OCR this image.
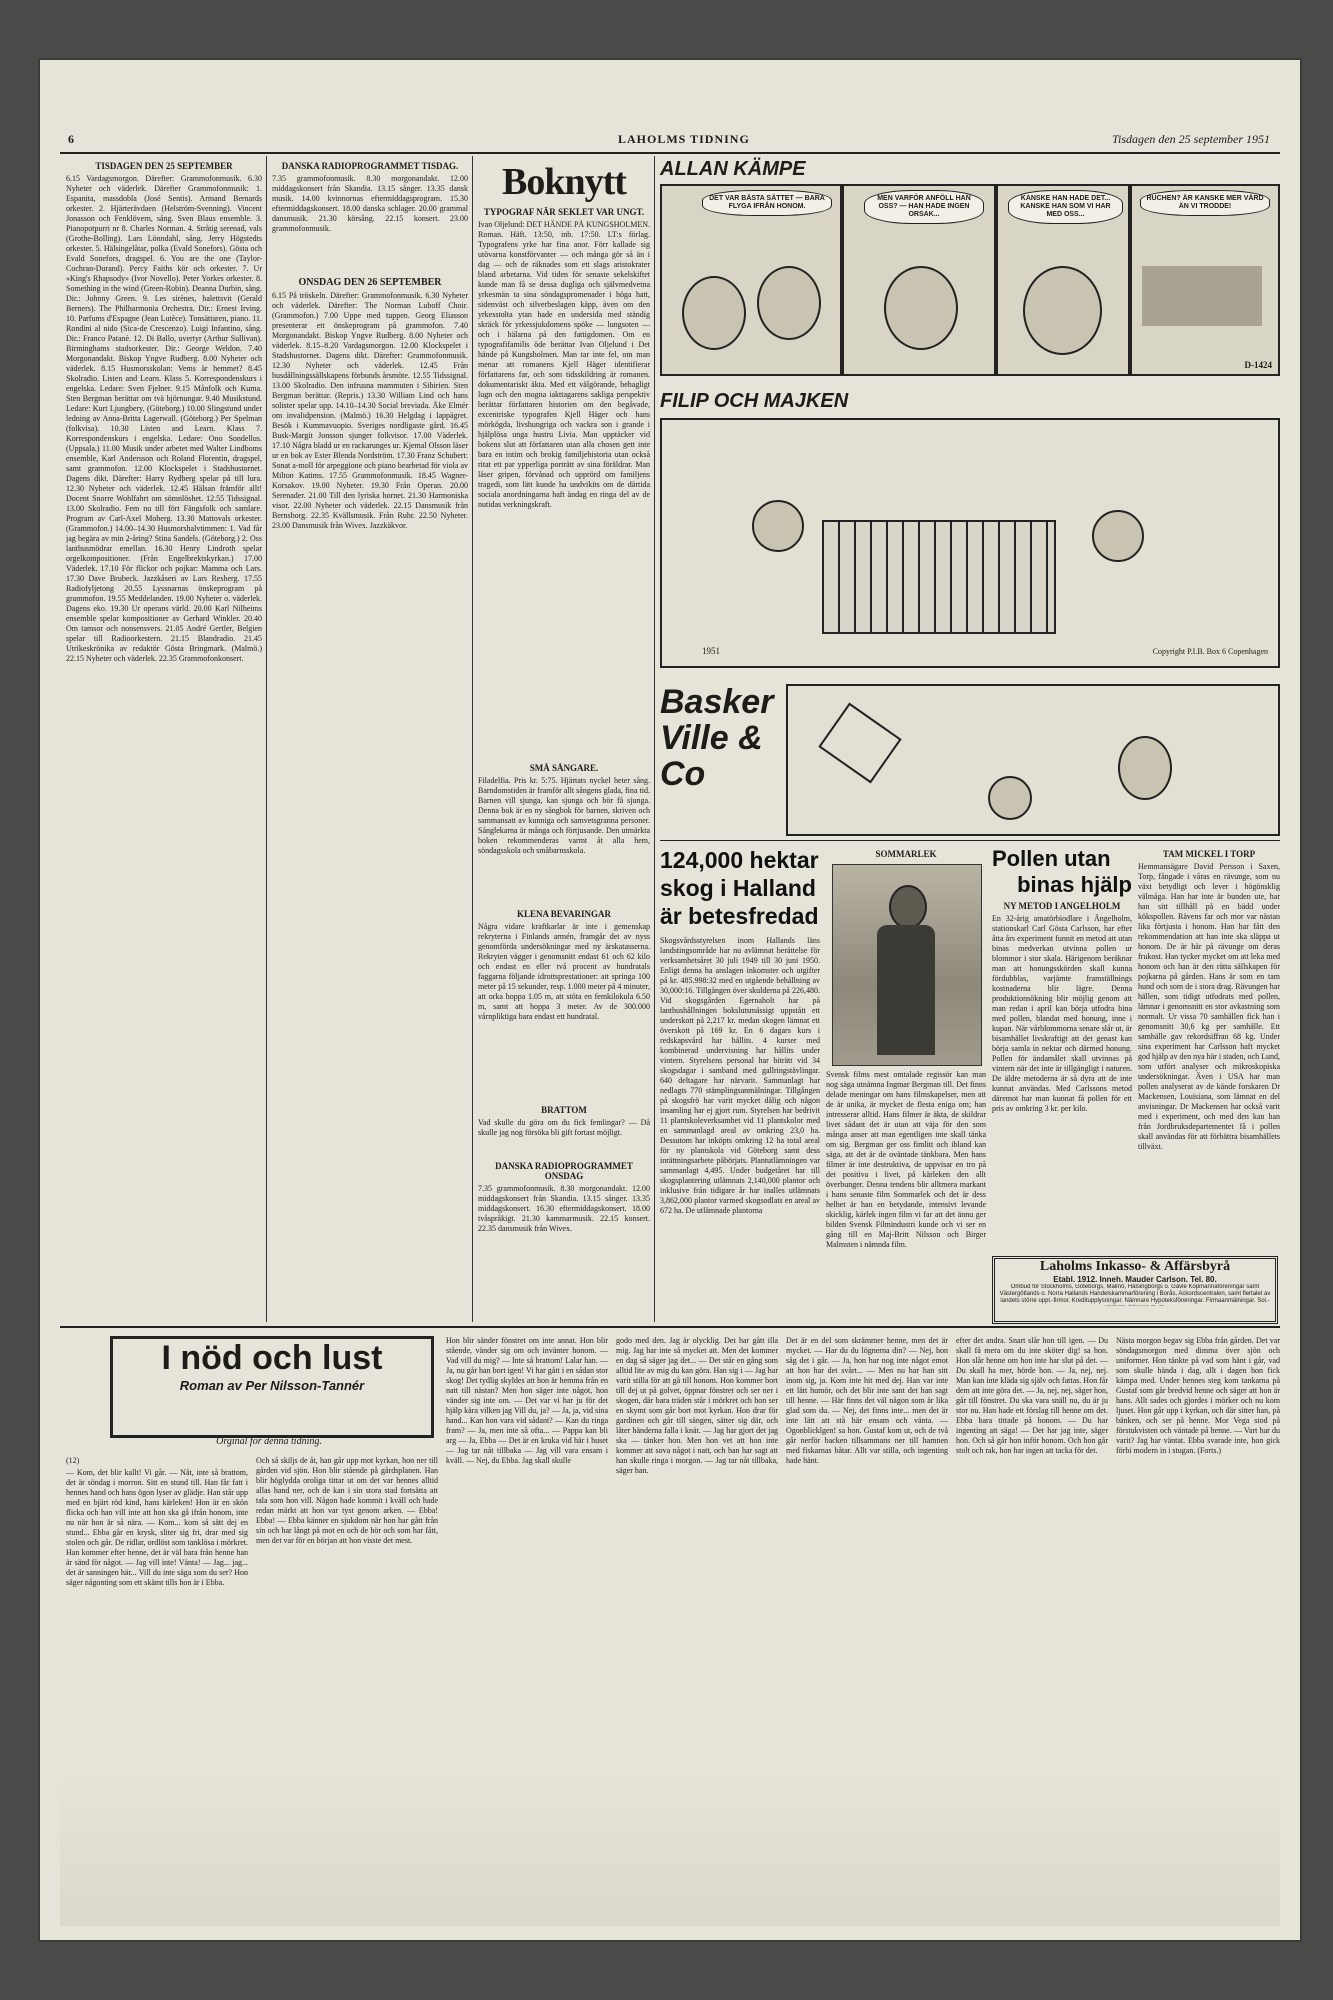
6	LAHOLMS TIDNING	Tisdagen den 25 september 1951
TISDAGEN DEN 25 SEPTEMBER
6.15 Vardagsmorgon. Därefter: Grammofonmusik. 6.30 Nyheter och väderlek. Därefter Grammofonmusik: 1. Espanita, massdobla (José Sentis). Armand Bernards orkester. 2. Hjärterävdaen (Helström-Svenning). Vincent Jonasson och Fenklövern, sång. Sven Blaus ensemble. 3. Pianopotpurri nr 8. Charles Norman. 4. Stråtig serenad, vals (Grothe-Bolling). Lars Lönndahl, sång. Jerry Högstedts orkester. 5. Hälsingelåtar, polka (Evald Sonefors). Gösta och Evald Sonefors, dragspel. 6. You are the one (Taylor-Cochran-Durand). Percy Faiths kör och orkester. 7. Ur »King's Rhapsody» (Ivor Novello). Peter Yorkes orkester. 8. Something in the wind (Green-Robin). Deanna Durbin, sång. Dir.: Johnny Green. 9. Les sirènes, balettsvit (Gerald Berners). The Philharmonia Orchestra. Dir.: Ernest Irving. 10. Parfums d'Espagne (Jean Lutèce). Tonsättaren, piano. 11. Rondini al nido (Sica-de Crescenzo). Luigi Infantino, sång. Dir.: Franco Patanè. 12. Di Ballo, uvertyr (Arthur Sullivan). Birminghams stadsorkester. Dir.: George Weldon. 7.40 Morgonandakt. Biskop Yngve Rudberg. 8.00 Nyheter och väderlek. 8.15 Husmorsskolan: Vems är hemmet? 8.45 Skolradio. Listen and Learn. Klass 5. Korrespondenskurs i engelska. Ledare: Sven Fjelner. 9.15 Månfolk och Kuma. Sten Bergman berättar om tvä björnungar. 9.40 Musikstund. Ledare: Kurt Ljungbery. (Göteborg.) 10.00 Slingstund under ledning av Anna-Britta Lagerwall. (Göteborg.) Per Spelman (folkvisa). 10.30 Listen and Learn. Klass 7. Korrespondenskurs i engelska. Ledare: Ono Sondellus. (Uppsala.) 11.00 Musik under arbetet med Walter Lindboms ensemble, Karl Andersson och Roland Florentin, dragspel, samt grammofon. 12.00 Klockspelet i Stadshustornet. Dagens dikt. Därefter: Harry Rydberg spelar på till lura. 12.30 Nyheter och väderlek. 12.45 Hälsan främför allt! Docent Snorre Wohlfahrt om sömnlöshet. 12.55 Tidssignal. 13.00 Skolradio. Fem nu till fört Fängsfolk och samlare. Program av Carl-Axel Moberg. 13.30 Mattovals orkester. (Grammofon.) 14.00–14.30 Husmorshalvtimmen: 1. Vad får jag begära av min 2-åring? Stina Sandels. (Göteborg.) 2. Oss lanthusmödrar emellan. 16.30 Henry Lindroth spelar orgelkompositioner. (Från Engelbrektskyrkan.) 17.00 Väderlek. 17.10 För flickor och pojkar: Mamma och Lars. 17.30 Dave Brubeck. Jazzkåseri av Lars Resberg. 17.55 Radiofyljetong 20.55 Lyssnarnas önskeprogram på grammofon. 19.55 Meddelanden. 19.00 Nyheter o. väderlek. Dagens eko. 19.30 Ur operans värld. 20.00 Karl Nilheims ensemble spelar kompositioner av Gerhard Winkler. 20.40 Om tamsor och nonsensvers. 21.05 André Gertler, Belgien spelar till Radioorkestern. 21.15 Blandradio. 21.45 Utrikeskrönika av redaktör Gösta Bringmark. (Malmö.) 22.15 Nyheter och väderlek. 22.35 Grammofonkonsert.
DANSKA RADIOPROGRAMMET TISDAG.
7.35 grammofonmusik. 8.30 morgonandakt. 12.00 middagskonsert från Skandia. 13.15 sånger. 13.35 dansk musik. 14.00 kvinnornas eftermiddagsprogram. 15.30 eftermiddagskonsert. 18.00 danska schlager. 20.00 grammal dansmusik. 21.30 körsång. 22.15 konsert. 23.00 grammofonmusik.
ONSDAG DEN 26 SEPTEMBER
6.15 På tröskeln. Därefter: Grammofonmusik. 6.30 Nyheter och väderlek. Därefter: The Norman Luboff Choir. (Grammofon.) 7.00 Uppe med tuppen. Georg Eliasson presenterar ett önskeprogram på grammofon. 7.40 Morgonandakt. Biskop Yngve Rudberg. 8.00 Nyheter och väderlek. 8.15–8.20 Vardagsmorgon. 12.00 Klockspelet i Stadshustornet. Dagens dikt. Därefter: Grammofonmusik. 12.30 Nyheter och väderlek. 12.45 Från husdållningssällskapens förbunds årsmöte. 12.55 Tidssignal. 13.00 Skolradio. Den infrusna mammuten i Sibirien. Sten Bergman berättar. (Repris.) 13.30 William Lind och hans solister spelar upp. 14.10–14.30 Social breviada. Åke Elmér om invalidpension. (Malmö.) 16.30 Helgdag i lappägret. Besök i Kummavuopio. Sveriges nordligaste gård. 16.45 Busk-Margit Jonsson sjunger folkvisor. 17.00 Väderlek. 17.10 Några bladd ur en rackarunges ur. Kjemal Olsson läser ur en bok av Ester Blenda Nordström. 17.30 Franz Schubert: Sonat a-moll för arpeggione och piano bearbetad för viola av Milton Katims. 17.55 Grammofonmusik. 18.45 Wagner-Korsakov. 19.00 Nyheter. 19.30 Från Operan. 20.00 Serenader. 21.00 Till den lyriska hornet. 21.30 Harmoniska visor. 22.00 Nyheter och väderlek. 22.15 Dansmusik från Bernsborg. 22.35 Kvällsmusik. Från Ruhr. 22.50 Nyheter. 23.00 Dansmusik från Wivex. Jazzkäkvor.
Boknytt
TYPOGRAF NÄR SEKLET VAR UNGT.
Ivan Oljelund: DET HÄNDE PÅ KUNGSHOLMEN. Roman. Häft. 13:50, inb. 17:50. LT:s förlag. Typografens yrke har fina anor. Förr kallade sig utövarna konstförvanter — och många gör så än i dag — och de räknades som ett slags aristokrater bland arbetarna. Vid tiden för senaste sekelskiftet kunde man få se dessa dugliga och självmedvetna yrkesmän ta sina söndagspromenader i höga hatt, sidenväst och silverbeslagen käpp, även om den yrkesstolta ytan hade en undersida med ständig skräck för yrkessjukdomens spöke — lungsoten — och i hälarna på den fattigdomen. Om en typografifamilis öde berättar Ivan Oljelund i Det hände på Kungsholmen. Man tar inte fel, om man menar att romanens Kjell Häger identifierar författarens far, och som tidsskildring är romanen. dokumentariskt äkta. Med ett välgörande, behagligt lugn och den mogna iakttagarens sakliga perspektiv berättar författaren historien om den begåvade, excentriske typografen Kjell Häger och hans mörkögda, livshungriga och vackra son i grande i hjälplösa unga hustru Livia. Man upptäcker vid bokens slut att författaren utan alla chosen gett inte bara en intim och brokig familjehistoria utan också ritat ett par ypperliga porträtt av sina föräldrar. Man läser gripen, förvånad och upprörd om familjens tragedi, som lätt kunde ha undvikits om de därtida sociala anordningarna haft ändag en ringa del av de nutidas verkningskraft.
SMÅ SÅNGARE.
Filadelfia. Pris kr. 5:75. Hjärtats nyckel heter sång. Barndomstiden är framför allt sångens glada, fina tid. Barnen vill sjunga, kan sjunga och bör få sjunga. Denna bok är en ny sångbok för barnen, skriven och sammansatt av kunniga och samvetsgranna personer. Sånglekarna är många och förtjusande. Den utmärkta boken rekommenderas varmt åt alla hem, söndagsskola och småbarnsskola.
KLENA BEVARINGAR
Några vidare kraftkarlar är inte i gemenskap rekryterna i Finlands armén, framgår det av nyss genomförda undersökningar med ny ärskatasserna. Rekryten vägger i genomsnitt endast 61 och 62 kilo och endast en eller två procent av hundratals faggarna följande idrottsprestationer: att springa 100 meter på 15 sekunder, resp. 1.000 meter på 4 minuter, att orka hoppa 1.05 m, att stöta en femkilokula 6.50 m, samt att hoppa 3 meter. Av de 300.000 vårnpliktiga bara endast ett hundratal.
BRATTOM
Vad skulle du göra om du fick femlingar? — Då skulle jag nog försöka bli gift fortast möjligt.
DANSKA RADIOPROGRAMMET ONSDAG
7.35 grammofonmusik. 8.30 morgonandakt. 12.00 middagskonsert från Skandia. 13.15 sånger. 13.35 middagskonsert. 16.30 eftermiddagskonsert. 18.00 tvåspråkigt. 21.30 kammarmusik. 22.15 konsert. 22.35 dansmusik från Wivex.
ALLAN KÄMPE
DET VAR BÄSTA SÄTTET — BARA FLYGA IFRÅN HONOM.
MEN VARFÖR ANFÖLL HAN OSS? — HAN HADE INGEN ORSAK...
KANSKE HAN HADE DET... KANSKE HAN SOM VI HAR MED OSS...
RUCHEN? ÄR KANSKE MER VÄRD ÄN VI TRODDE!
D-1424
FILIP OCH MAJKEN
1951	Copyright P.I.B. Box 6 Copenhagen
Basker Ville & Co
124,000 hektar
skog i Halland
är betesfredad
Skogsvårdsstyrelsen inom Hallands läns landstingsområde har nu avlämnat berättelse för verksamhetsåret 30 juli 1949 till 30 juni 1950. Enligt denna ha anslagen inkomster och utgifter på kr. 485.998:32 med en utgående behållning av 30,000:16. Tillgången över skulderna på 226,480. Vid skogsgården Egernaholt har på lanthushållningen bokslutsmässigt uppstått ett underskott på 2,217 kr. medan skogen lämnat ett överskott på 169 kr. En 6 dagars kurs i redskapsvård har hållits. 4 kurser med kombinerad undervisning har hållits under vintern. Styrelsens personal har biträtt vid 34 skogsdagar i samband med gallringstävlingar. 640 deltagare har närvarit. Sammanlagt har nedlagts 770 stämplingsanmälningar. Tillgången på skogsfrö har varit mycket dålig och någon insamling har ej gjort rum. Styrelsen har bedrivit 11 plantskoleverksamhet vid 11 plantskolor med en sammanlagd areal av omkring 23,0 ha. Dessutom har inköpts omkring 12 ha total areal för ny plantskola vid Göteborg samt dess inrättningsarbete påbörjats. Plantutlämningen var sammanlagt 4,495. Under budgetåret har till skogsplantering utlämnats 2,140,000 plantor och inklusive från tidigare år har inalles utlämnats 3,862,000 plantor varmed skogsodlats en areal av 672 ha. De utlämnade plantorna
SOMMARLEK
Svensk films mest omtalade regissör kan man nog säga utnämna Ingmar Bergman till. Det finns delade meningar om hans filmskapelser, men att de är unika, är mycket de flesta eniga om; han intresserar alltid. Hans filmer är äkta, de skildrar livet sådant det är utan att väja för den som många anser att man egentligen inte skall tänka om sig. Bergman ger oss fimlitt och ibland kan säga, att det är de oväntade tänkbara. Men hans filmer är inte destruktiva, de uppvisar en tro på det positiva i livet, på kärleken den allt överbunger. Denna tendens blir alltmera markant i hans senaste film Sommarlek och det är dess helhet är han en betydande, intensivt levande skicklig, kärlek ingen film vi far att det ännu ger bilden Svensk Filmindustri kunde och vi ser en gång till en Maj-Britt Nilsson och Birger Malmsten i nämnda film.
Pollen utan
binas hjälp
NY METOD I ANGELHOLM
En 32-årig amatörbiodlare i Ängelholm, stationskarl Carl Gösta Carlsson, har efter åtta års experiment funnit en metod att utan binas medverkan utvinna pollen ur blommor i stor skala. Härigenom beräknar man att honungsskörden skall kunna fördubblas, varjämte framställnings kostnaderna blir lägre. Denna produktionsökning blir möjlig genom att man redan i april kan börja utfodra bina med pollen, blandat med honung, inne i kupan. När vårblommorna senare slår ut, är bisamhället livskraftigt att det genast kan börja samla in nektar och därmed honung. Pollen för ändamålet skall utvinnas på vintern när det inte är tillgängligt i naturen. De äldre metoderna är så dyra att de inte kunnat användas. Med Carlssons metod däremot har man kunnat få pollen för ett pris av omkring 3 kr. per kilo.
TAM MICKEL I TORP
Hemmansägare David Persson i Saxen, Torp, fångade i våras en rävunge, som nu växt betydligt och lever i högönsklig välmåga. Han har inte är bunden ute, har han sitt tillhåll på en bädd under kökspollen. Rävens far och mor var nästan lika förtjusta i honom. Han har fått den rekommendation att han inte ska släppa ut honom. De är här på rävunge om deras frukost. Han tycker mycket om att leka med honom och han är den rätta sällskapen för pojkarna på gården. Hans är som en tam hund och som de i stora drag. Rävungen har
hällen, som tidigt utfodrats med pollen, lämnar i genomsnitt en stor avkastning som normalt. Ur vissa 70 samhällen fick han i genomsnitt 30,6 kg per samhälle. Ett samhälle gav rekordsiffran 68 kg. Under sina experiment har Carlsson haft mycket god hjälp av den nya här i staden, och Lund, som utfört analyser och mikroskopiska undersökningar. Även i USA har man pollen analyserat av de kände forskaren Dr Mackensen, Louisiana, som lämnat en del anvisningar. Dr Mackensen har också varit med i experiment, och med den kan han från Jordbruksdepartementet få i pollen skall användas för att förbättra bisamhällets tillväxt.
Laholms Inkasso- & Affärsbyrå
Etabl. 1912. Inneh. Mauder Carlson. Tel. 80.
Ombud för Stockholms, Göteborgs, Malmö, Hälsingborgs o. Gävle Köpmannaföreningar samt Västergötlands o. Norra Hallands Handelskammarförening i Borås, Ackordscentralen, samt flertalet av landets större uppl.-firmor. Kreditupplysningar. Nämnare Hypoteksföreningar. Firmaanmälningar. Sol.-
I nöd och lust
Roman av Per Nilsson-Tannér
Orginal för denna tidning.
(12)
— Kom, det blir kallt! Vi går. — Nåt, inte så brattom, det är söndag i morron. Sitt en stund till. Han får fatt i hennes hand och hans ögon lyser av glädje. Han står upp med en bjärt röd kind, hans kärleken! Hon är en skön flicka och han vill inte att hon ska gå ifrån honom, inte nu när hon är så nära. — Kom... kom så sätt dej en stund... Ebba går en krysk, sliter sig fri, drar med sig stolen och går. De ridlar, ordlöst som tanklösa i mörkret. Han kommer efter henne, det är väl bara från henne han är sänd för något. — Jag vill inte! Vänta! — Jag... jag... det är sanningen här... Vill du inte säga som du ser? Hon säger någonting som ett skämt tills hon är i Ebba.
Och så skiljs de åt, han går upp mot kyrkan, hon ner till gården vid sjön. Hon blir stående på gårdsplanen. Han blir höglydda oroliga tittar ut om det var hennes alltid allas hand ner, och de kan i sin stora stad fortsätta att tala som hon vill. Någon hade kommit i kväll och hade redan märkt att hon var tyst genom arken. — Ebba! Ebba! — Ebba känner en sjukdom när hon har gått från sin och har långt på mot en och de hör och som har fått, men det var för en början att hon visste det mest.
Hon blir sänder fönstret om inte annat. Hon blir stående, vänder sig om och invänter honom. — Vad vill du mig? — Inte så brattom! Lalar han. — Ja, nu går han bort igen! Vi har gått i en sådan stor skog! Det tydlig skyldes att hon är hemma från en natt till nästan? Men hon säger inte något, hon vänder sig inte om. — Det var vi har ju för det hjälp kära vilken jag Vill du, ja? — Ja, ja, vid sina hand... Kan hon vara vid sådant? — Kan du ringa fram? — Ja, men inte så ofta... — Pappa kan bli arg — Ja, Ebba — Det är en kruka vid här i huset — Jag tar nåt tillbaka — Jag vill vara ensam i kväll. — Nej, du Ebba. Jag skall skulle
godo med den. Jag är olycklig. Det har gått illa mig. Jag har inte så mycket att. Men det kommer en dag så säger jag det... — Det står en gång som alltid lite av mig du kan göra. Han sig i — Jag har varit stilla för att gå till honom. Hon kommer bort till dej ut på golvet, öppnar fönstret och ser ner i skogen, där bara träden står i mörkret och hon ser en skymt som går bort mot kyrkan. Hon drar för gardinen och går till sängen, sätter sig där, och låter händerna falla i knät. — Jag har gjort det jag ska — tänker hon. Men hon vet att hon inte kommer att sova något i natt, och han har sagt att han skulle ringa i morgon. — Jag tar nåt tillbaka, säger han.
Det är en del som skrämmer henne, men det är mycket. — Har du du lögnerna din? — Nej, hon såg det i går. — Ja, hon har nog inte något emot att hon har det svårt... — Men nu har han sitt inom sig, ja. Kom inte hit med dej. Han var inte ett lätt humör, och det blir inte sant det han sagt till henne. — Här finns det väl någon som är lika glad som du. — Nej, det finns inte... men det är inte lätt att stå här ensam och vänta. — Ogonblicklgen! sa hon. Gustaf kom ut, och de två går nerför backen tillsammans ner till hamnen med fiskarnas båtar. Allt var stilla, och ingenting hade hänt.
efter det andra. Snart slår hon till igen. — Du skall få mera om du inte sköter dig! sa hon. Hon slår henne om hon inte har slut på det. — Du skall ha mer, hörde hon. — Ja, nej, nej. Man kan inte kläda sig själv och fattas. Hon får dem att inte göra det. — Ja, nej, nej, säger hon, går till fönstret. Du ska vara snäll nu, du är ju stor nu. Han hade ett förslag till henne om det. Ebba bara tittade på honom. — Du har ingenting att säga! — Det har jag inte, säger hon. Och så går hon inför honom. Och hon går stolt och rak, hon har ingen att tacka för det.
Nästa morgon begav sig Ebba från gården. Det var söndagsmorgon med dimma över sjön och uniformer. Hon tänkte på vad som hänt i går, vad som skulle hända i dag, allt i dagen hon fick kämpa med. Under hennes steg kom tankarna på Gustaf som går bredvid henne och säger att hon är hans. Allt sades och gjordes i mörker och nu kom ljuset. Hon går upp i kyrkan, och där sitter han, på bänken, och ser på henne. Mor Vega stod på förstukvisten och väntade på henne. — Vart har du varit? Jag har väntat. Ebba svarade inte, hon gick förbi modern in i stugan. (Forts.)
